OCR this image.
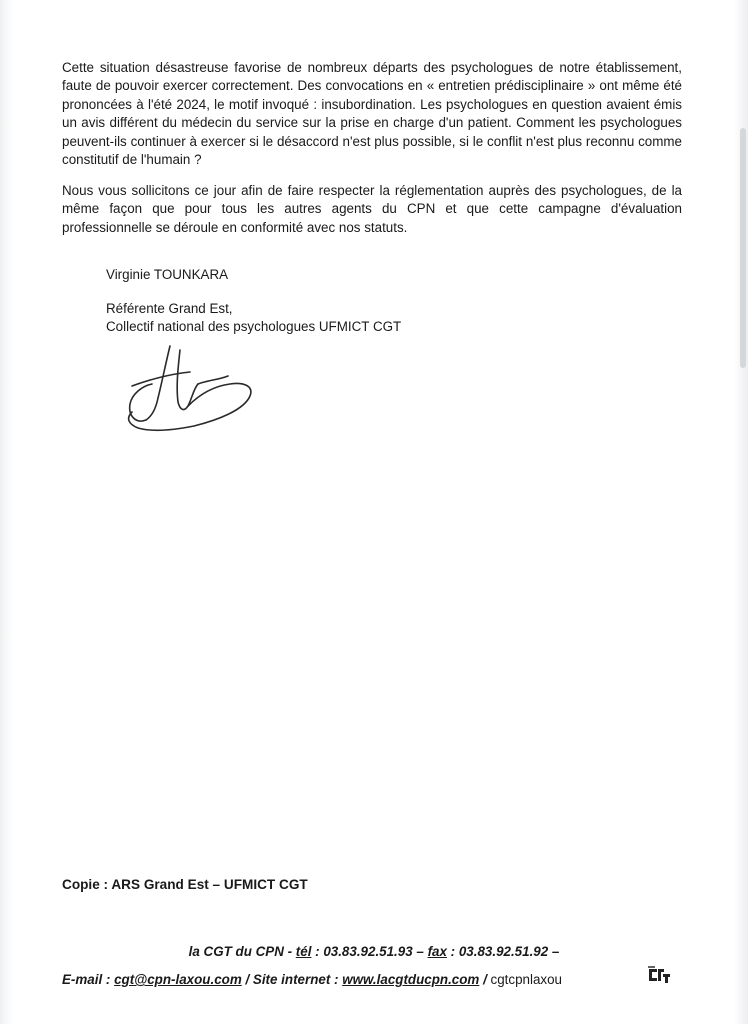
Cette situation désastreuse favorise de nombreux départs des psychologues de notre établissement, faute de pouvoir exercer correctement. Des convocations en « entretien prédisciplinaire » ont même été prononcées à l'été 2024, le motif invoqué : insubordination. Les psychologues en question avaient émis un avis différent du médecin du service sur la prise en charge d'un patient. Comment les psychologues peuvent-ils continuer à exercer si le désaccord n'est plus possible, si le conflit n'est plus reconnu comme constitutif de l'humain ?

Nous vous sollicitons ce jour afin de faire respecter la réglementation auprès des psychologues, de la même façon que pour tous les autres agents du CPN et que cette campagne d'évaluation professionnelle se déroule en conformité avec nos statuts.

Virginie TOUNKARA
Référente Grand Est,
Collectif national des psychologues UFMICT CGT
Copie : ARS Grand Est – UFMICT CGT
la CGT du CPN - tél : 03.83.92.51.93 – fax : 03.83.92.51.92 –
E-mail : cgt@cpn-laxou.com / Site internet : www.lacgtducpn.com / cgtcpnlaxou
